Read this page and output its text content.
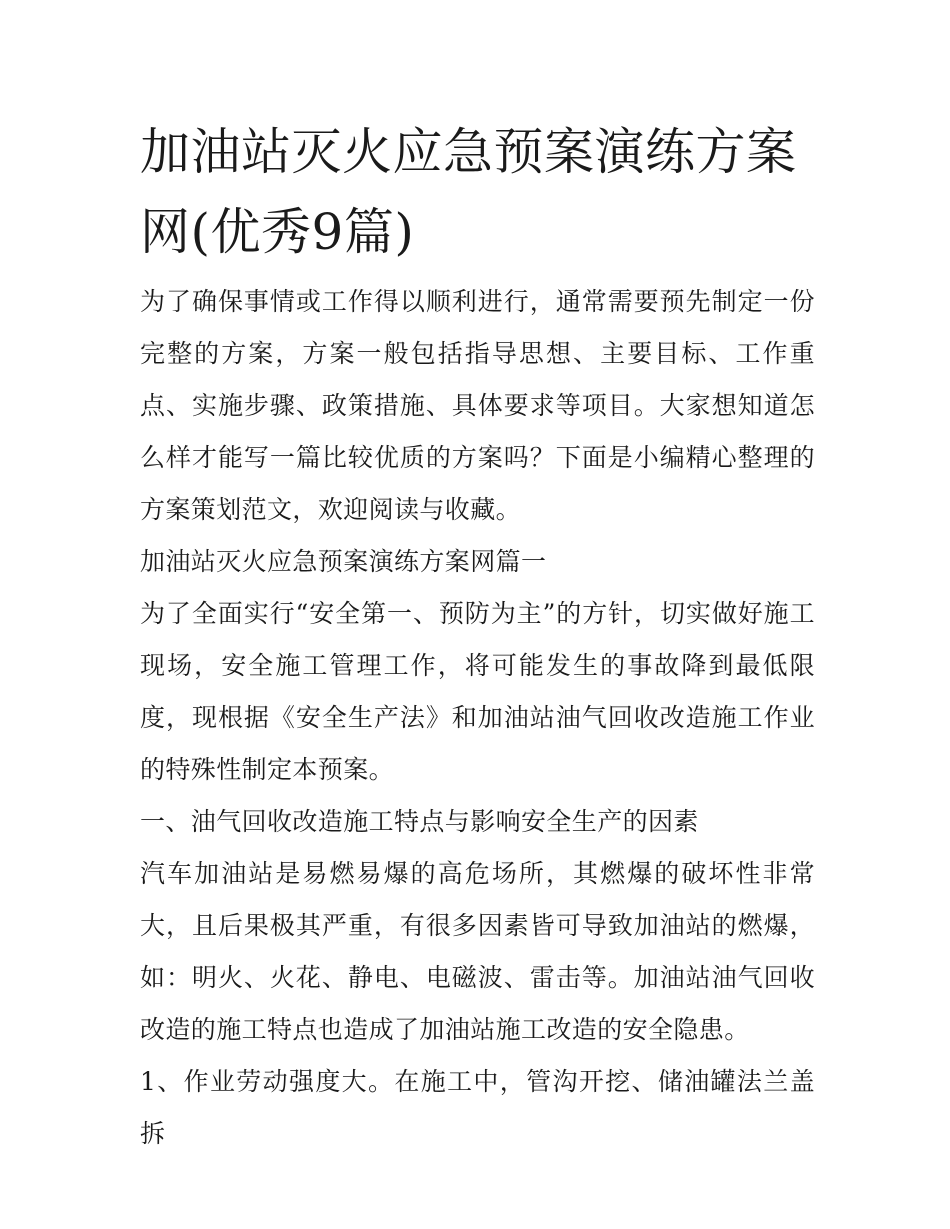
加油站灭火应急预案演练方案网(优秀9篇)

为了确保事情或工作得以顺利进行，通常需要预先制定一份完整的方案，方案一般包括指导思想、主要目标、工作重点、实施步骤、政策措施、具体要求等项目。大家想知道怎么样才能写一篇比较优质的方案吗？下面是小编精心整理的方案策划范文，欢迎阅读与收藏。

加油站灭火应急预案演练方案网篇一

为了全面实行“安全第一、预防为主”的方针，切实做好施工现场，安全施工管理工作，将可能发生的事故降到最低限度，现根据《安全生产法》和加油站油气回收改造施工作业的特殊性制定本预案。

一、油气回收改造施工特点与影响安全生产的因素

汽车加油站是易燃易爆的高危场所，其燃爆的破坏性非常大，且后果极其严重，有很多因素皆可导致加油站的燃爆，如：明火、火花、静电、电磁波、雷击等。加油站油气回收改造的施工特点也造成了加油站施工改造的安全隐患。

1、作业劳动强度大。在施工中，管沟开挖、储油罐法兰盖拆
